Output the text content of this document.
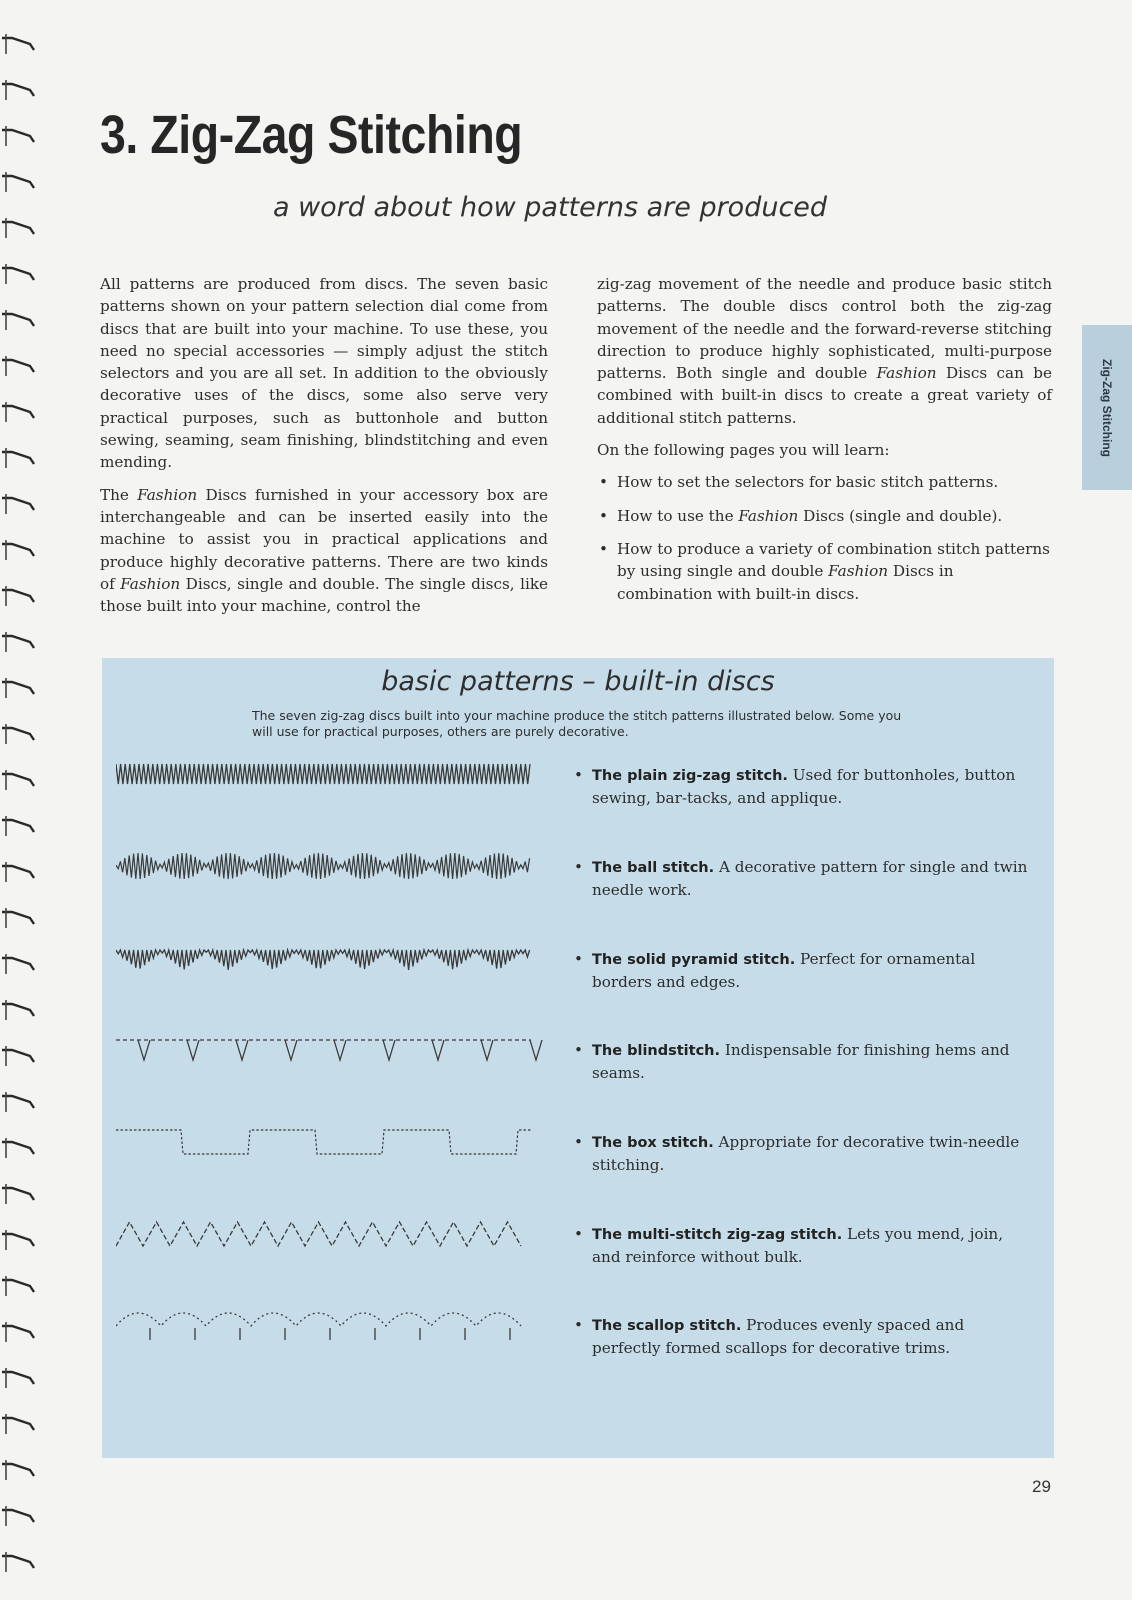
3. Zig-Zag Stitching
a word about how patterns are produced

All patterns are produced from discs. The seven basic patterns shown on your pattern selection dial come from discs that are built into your machine. To use these, you need no special accessories — simply adjust the stitch selectors and you are all set. In addition to the obviously decorative uses of the discs, some also serve very practical purposes, such as buttonhole and button sewing, seaming, seam finishing, blindstitching and even mending.

The Fashion Discs furnished in your accessory box are interchangeable and can be inserted easily into the machine to assist you in practical applications and produce highly decorative patterns. There are two kinds of Fashion Discs, single and double. The single discs, like those built into your machine, control the

zig-zag movement of the needle and produce basic stitch patterns. The double discs control both the zig-zag movement of the needle and the forward-reverse stitching direction to produce highly sophisticated, multi-purpose patterns. Both single and double Fashion Discs can be combined with built-in discs to create a great variety of additional stitch patterns.

On the following pages you will learn:

• How to set the selectors for basic stitch patterns.
• How to use the Fashion Discs (single and double).
• How to produce a variety of combination stitch patterns by using single and double Fashion Discs in combination with built-in discs.
Zig-Zag Stitching
basic patterns – built-in discs

The seven zig-zag discs built into your machine produce the stitch patterns illustrated below. Some you will use for practical purposes, others are purely decorative.

• The plain zig-zag stitch. Used for buttonholes, button sewing, bar-tacks, and applique.
• The ball stitch. A decorative pattern for single and twin needle work.
• The solid pyramid stitch. Perfect for ornamental borders and edges.
• The blindstitch. Indispensable for finishing hems and seams.
• The box stitch. Appropriate for decorative twin-needle stitching.
• The multi-stitch zig-zag stitch. Lets you mend, join, and reinforce without bulk.
• The scallop stitch. Produces evenly spaced and perfectly formed scallops for decorative trims.
29
